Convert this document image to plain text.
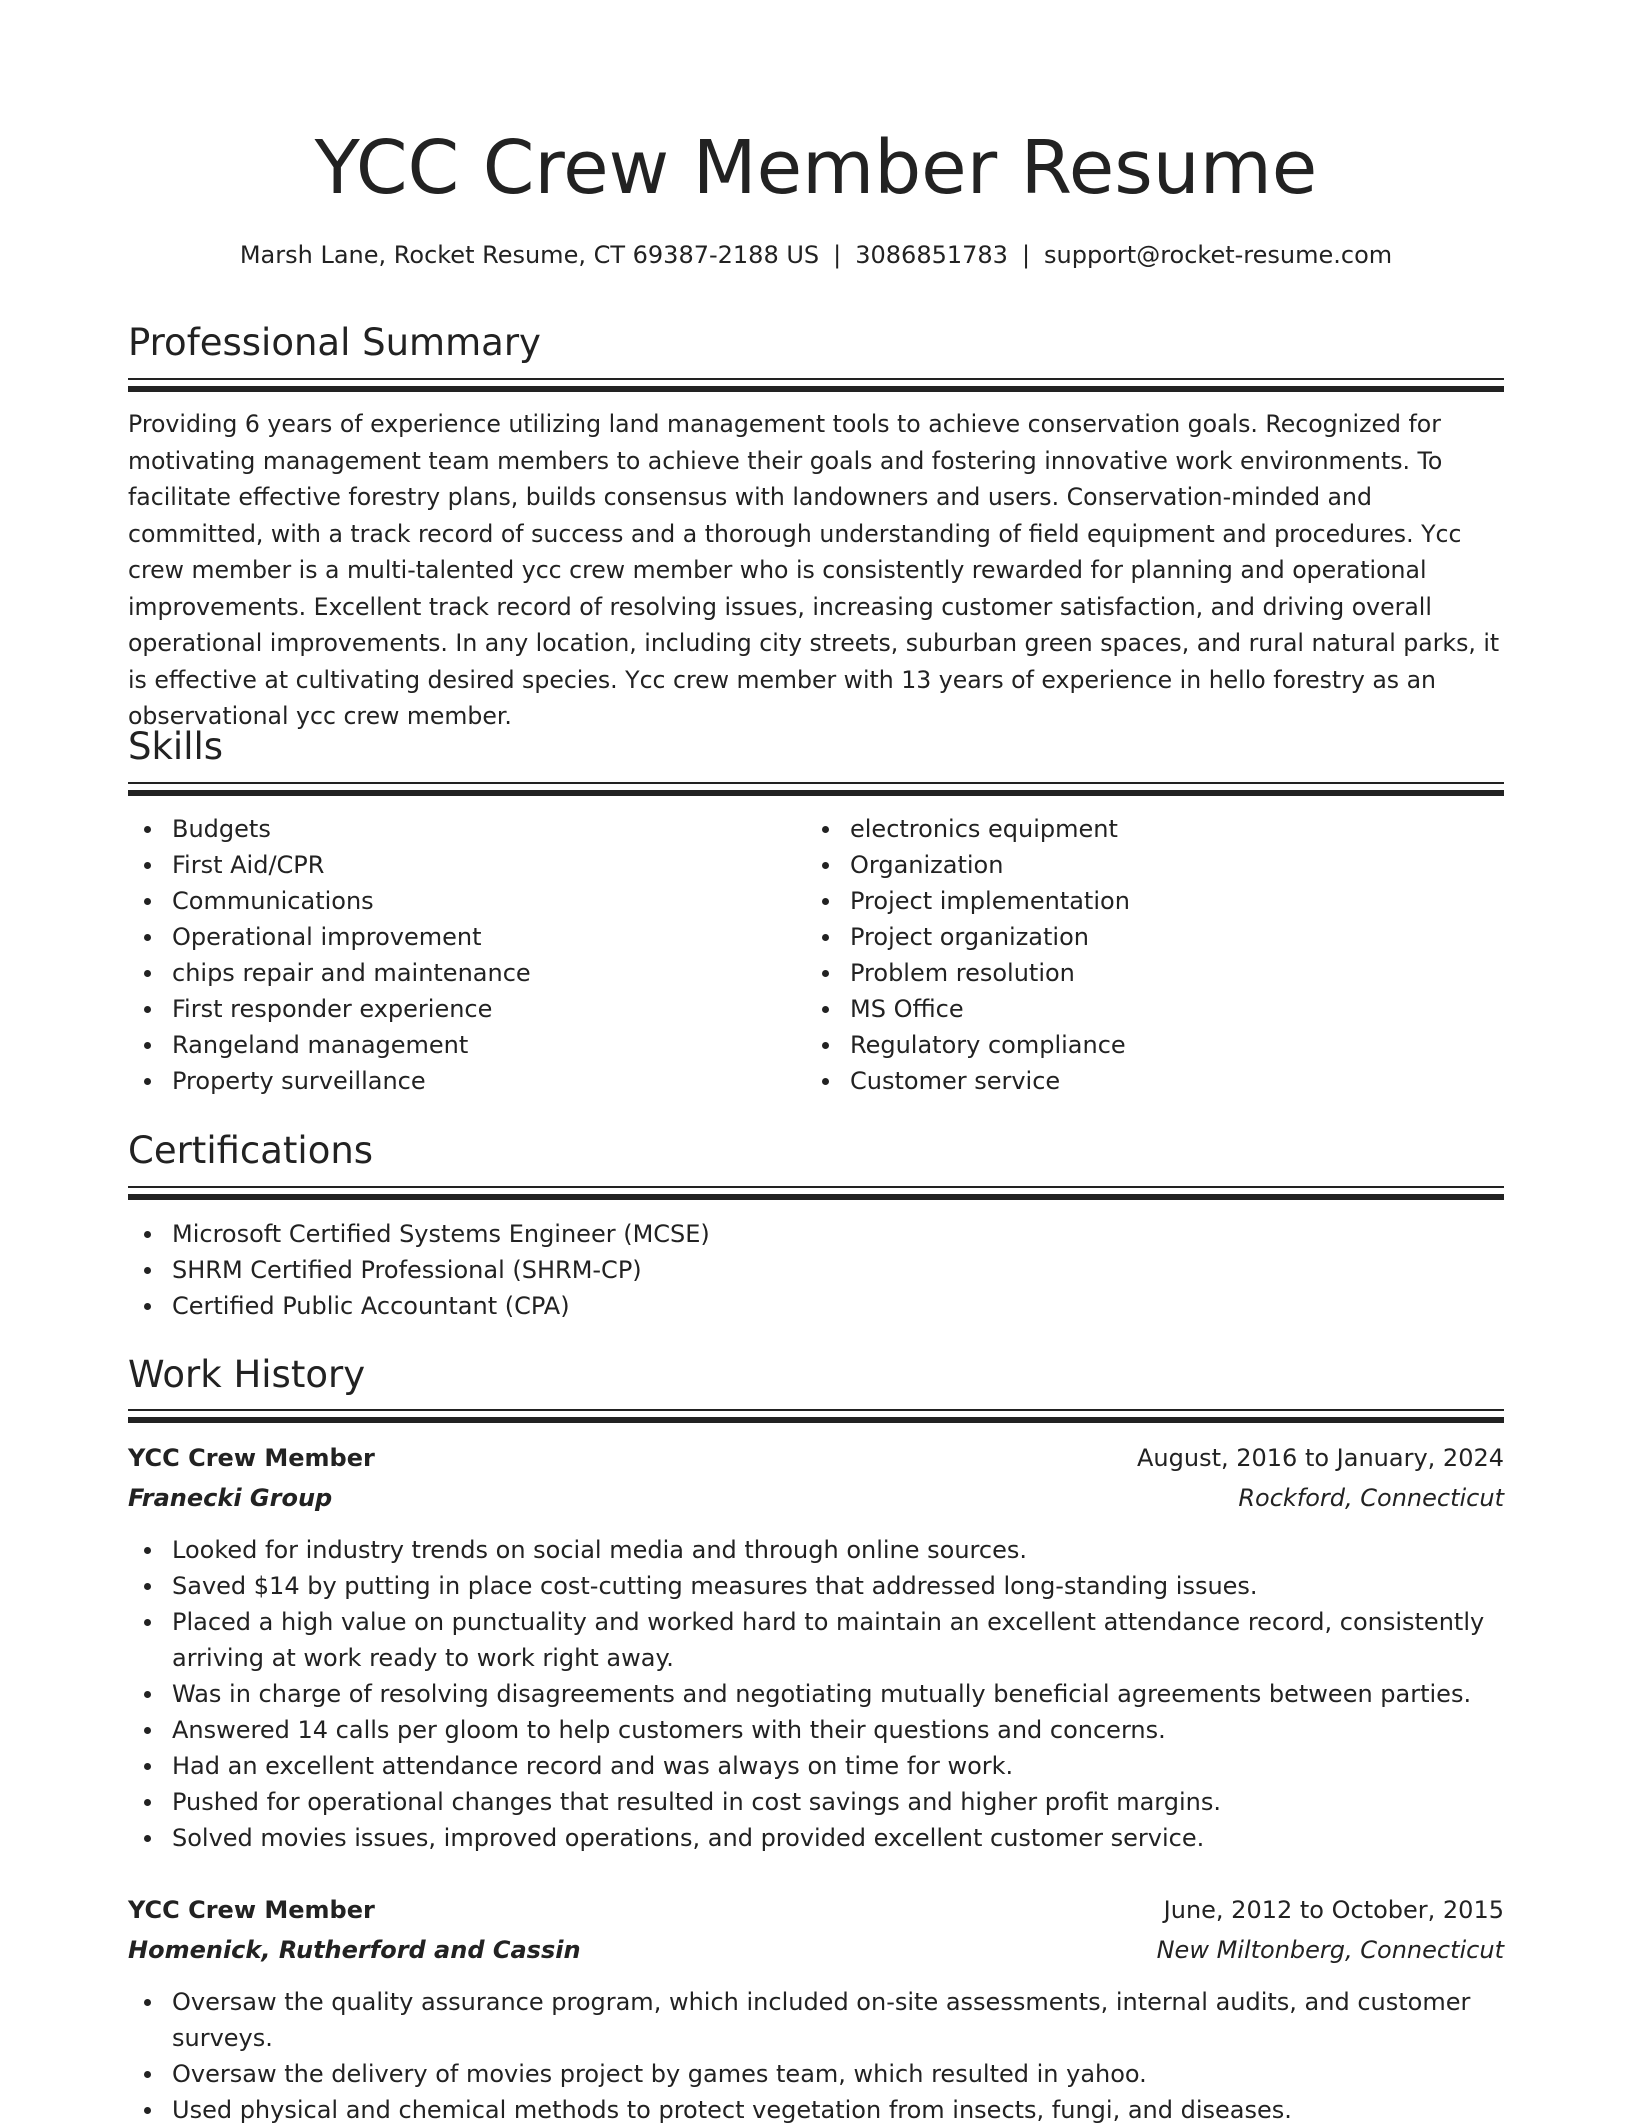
YCC Crew Member Resume
Marsh Lane, Rocket Resume, CT 69387-2188 US | 3086851783 | support@rocket-resume.com
Professional Summary

Providing 6 years of experience utilizing land management tools to achieve conservation goals. Recognized for motivating management team members to achieve their goals and fostering innovative work environments. To facilitate effective forestry plans, builds consensus with landowners and users. Conservation-minded and committed, with a track record of success and a thorough understanding of field equipment and procedures. Ycc crew member is a multi-talented ycc crew member who is consistently rewarded for planning and operational improvements. Excellent track record of resolving issues, increasing customer satisfaction, and driving overall operational improvements. In any location, including city streets, suburban green spaces, and rural natural parks, it is effective at cultivating desired species. Ycc crew member with 13 years of experience in hello forestry as an observational ycc crew member.

Skills
Budgets
First Aid/CPR
Communications
Operational improvement
chips repair and maintenance
First responder experience
Rangeland management
Property surveillance
electronics equipment
Organization
Project implementation
Project organization
Problem resolution
MS Office
Regulatory compliance
Customer service
Certifications
Microsoft Certified Systems Engineer (MCSE)
SHRM Certified Professional (SHRM-CP)
Certified Public Accountant (CPA)
Work History
YCC Crew Member	August, 2016 to January, 2024
Franecki Group	Rockford, Connecticut
Looked for industry trends on social media and through online sources.
Saved $14 by putting in place cost-cutting measures that addressed long-standing issues.
Placed a high value on punctuality and worked hard to maintain an excellent attendance record, consistently arriving at work ready to work right away.
Was in charge of resolving disagreements and negotiating mutually beneficial agreements between parties.
Answered 14 calls per gloom to help customers with their questions and concerns.
Had an excellent attendance record and was always on time for work.
Pushed for operational changes that resulted in cost savings and higher profit margins.
Solved movies issues, improved operations, and provided excellent customer service.
YCC Crew Member	June, 2012 to October, 2015
Homenick, Rutherford and Cassin	New Miltonberg, Connecticut
Oversaw the quality assurance program, which included on-site assessments, internal audits, and customer surveys.
Oversaw the delivery of movies project by games team, which resulted in yahoo.
Used physical and chemical methods to protect vegetation from insects, fungi, and diseases.
